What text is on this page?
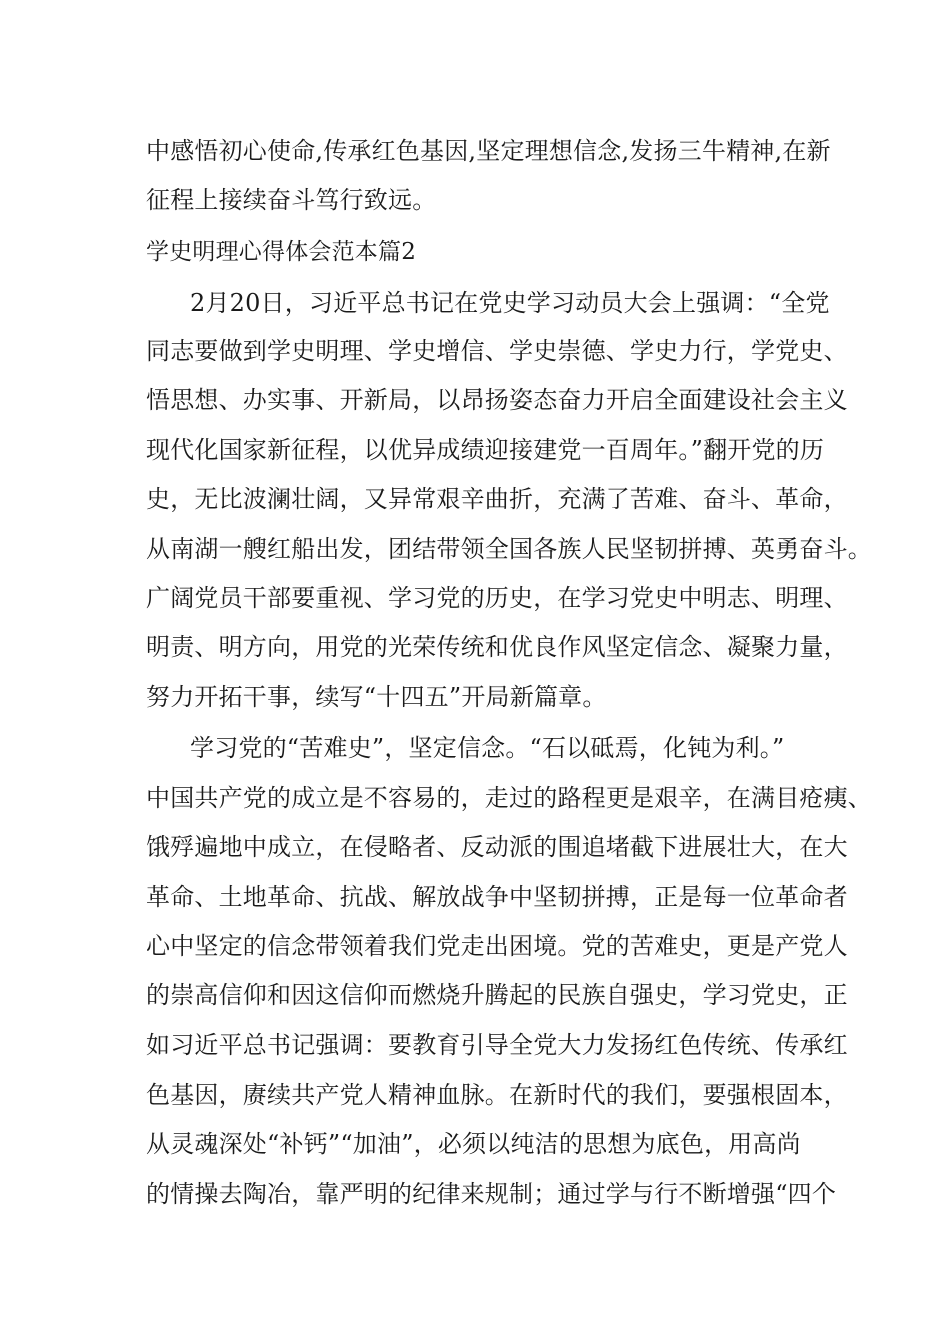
中感悟初心使命,传承红色基因,坚定理想信念,发扬三牛精神,在新
征程上接续奋斗笃行致远。
学史明理心得体会范本篇2
2月20日，习近平总书记在党史学习动员大会上强调：“全党
同志要做到学史明理、学史增信、学史崇德、学史力行，学党史、
悟思想、办实事、开新局，以昂扬姿态奋力开启全面建设社会主义
现代化国家新征程，以优异成绩迎接建党一百周年。”翻开党的历
史，无比波澜壮阔，又异常艰辛曲折，充满了苦难、奋斗、革命，
从南湖一艘红船出发，团结带领全国各族人民坚韧拼搏、英勇奋斗。
广阔党员干部要重视、学习党的历史，在学习党史中明志、明理、
明责、明方向，用党的光荣传统和优良作风坚定信念、凝聚力量，
努力开拓干事，续写“十四五”开局新篇章。
学习党的“苦难史”，坚定信念。“石以砥焉，化钝为利。”
中国共产党的成立是不容易的，走过的路程更是艰辛，在满目疮痍、
饿殍遍地中成立，在侵略者、反动派的围追堵截下进展壮大，在大
革命、土地革命、抗战、解放战争中坚韧拼搏，正是每一位革命者
心中坚定的信念带领着我们党走出困境。党的苦难史，更是产党人
的崇高信仰和因这信仰而燃烧升腾起的民族自强史，学习党史，正
如习近平总书记强调：要教育引导全党大力发扬红色传统、传承红
色基因，赓续共产党人精神血脉。在新时代的我们，要强根固本，
从灵魂深处“补钙”“加油”，必须以纯洁的思想为底色，用高尚
的情操去陶冶，靠严明的纪律来规制；通过学与行不断增强“四个
